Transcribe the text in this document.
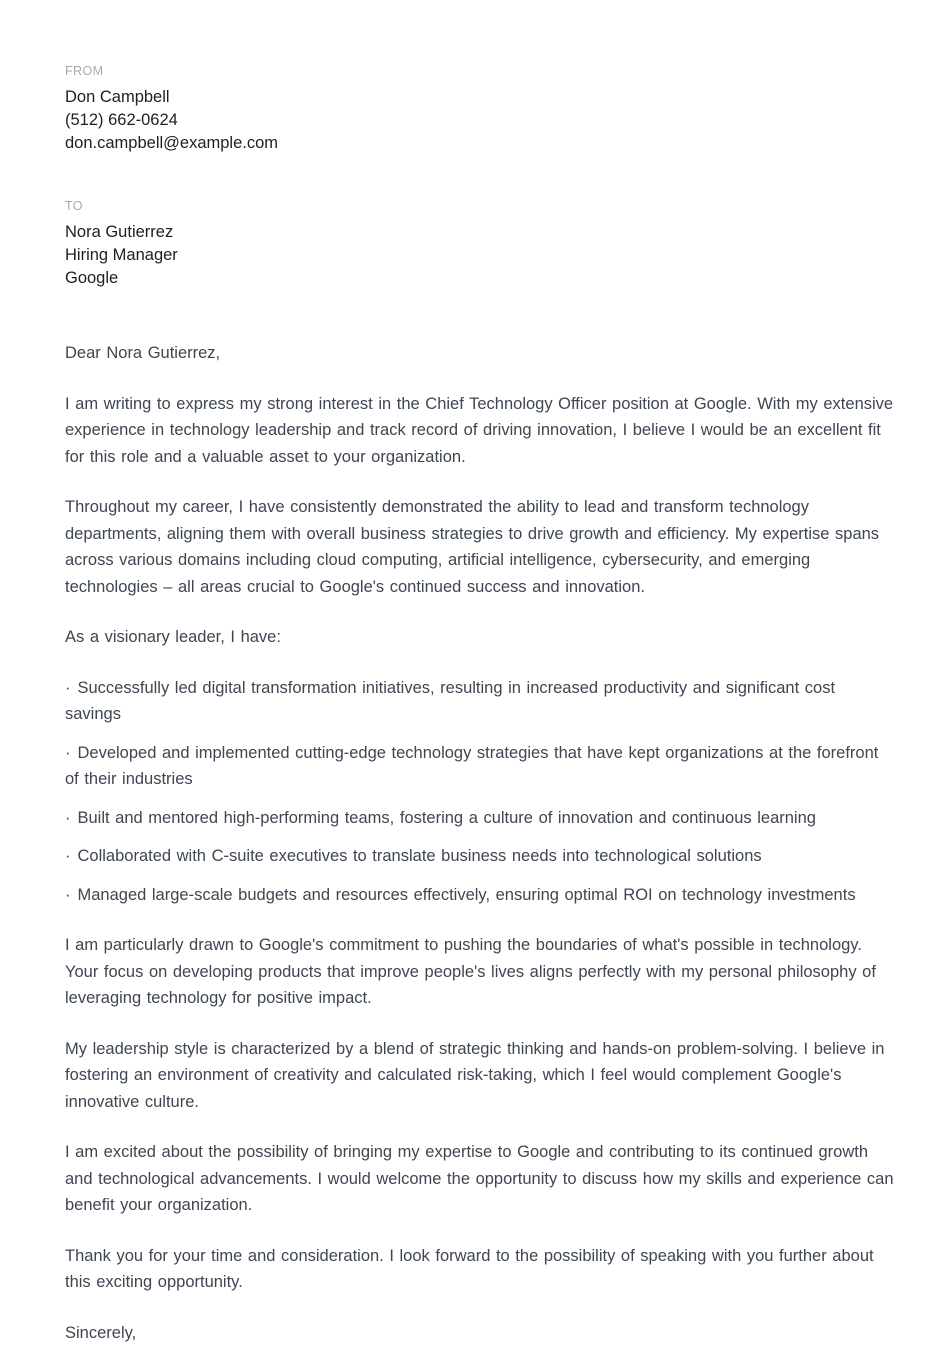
FROM
Don Campbell
(512) 662-0624
don.campbell@example.com
TO
Nora Gutierrez
Hiring Manager
Google
Dear Nora Gutierrez,
I am writing to express my strong interest in the Chief Technology Officer position at Google. With my extensive experience in technology leadership and track record of driving innovation, I believe I would be an excellent fit for this role and a valuable asset to your organization.
Throughout my career, I have consistently demonstrated the ability to lead and transform technology departments, aligning them with overall business strategies to drive growth and efficiency. My expertise spans across various domains including cloud computing, artificial intelligence, cybersecurity, and emerging technologies – all areas crucial to Google's continued success and innovation.
As a visionary leader, I have:
· Successfully led digital transformation initiatives, resulting in increased productivity and significant cost savings
· Developed and implemented cutting-edge technology strategies that have kept organizations at the forefront of their industries
· Built and mentored high-performing teams, fostering a culture of innovation and continuous learning
· Collaborated with C-suite executives to translate business needs into technological solutions
· Managed large-scale budgets and resources effectively, ensuring optimal ROI on technology investments
I am particularly drawn to Google's commitment to pushing the boundaries of what's possible in technology. Your focus on developing products that improve people's lives aligns perfectly with my personal philosophy of leveraging technology for positive impact.
My leadership style is characterized by a blend of strategic thinking and hands-on problem-solving. I believe in fostering an environment of creativity and calculated risk-taking, which I feel would complement Google's innovative culture.
I am excited about the possibility of bringing my expertise to Google and contributing to its continued growth and technological advancements. I would welcome the opportunity to discuss how my skills and experience can benefit your organization.
Thank you for your time and consideration. I look forward to the possibility of speaking with you further about this exciting opportunity.
Sincerely,
